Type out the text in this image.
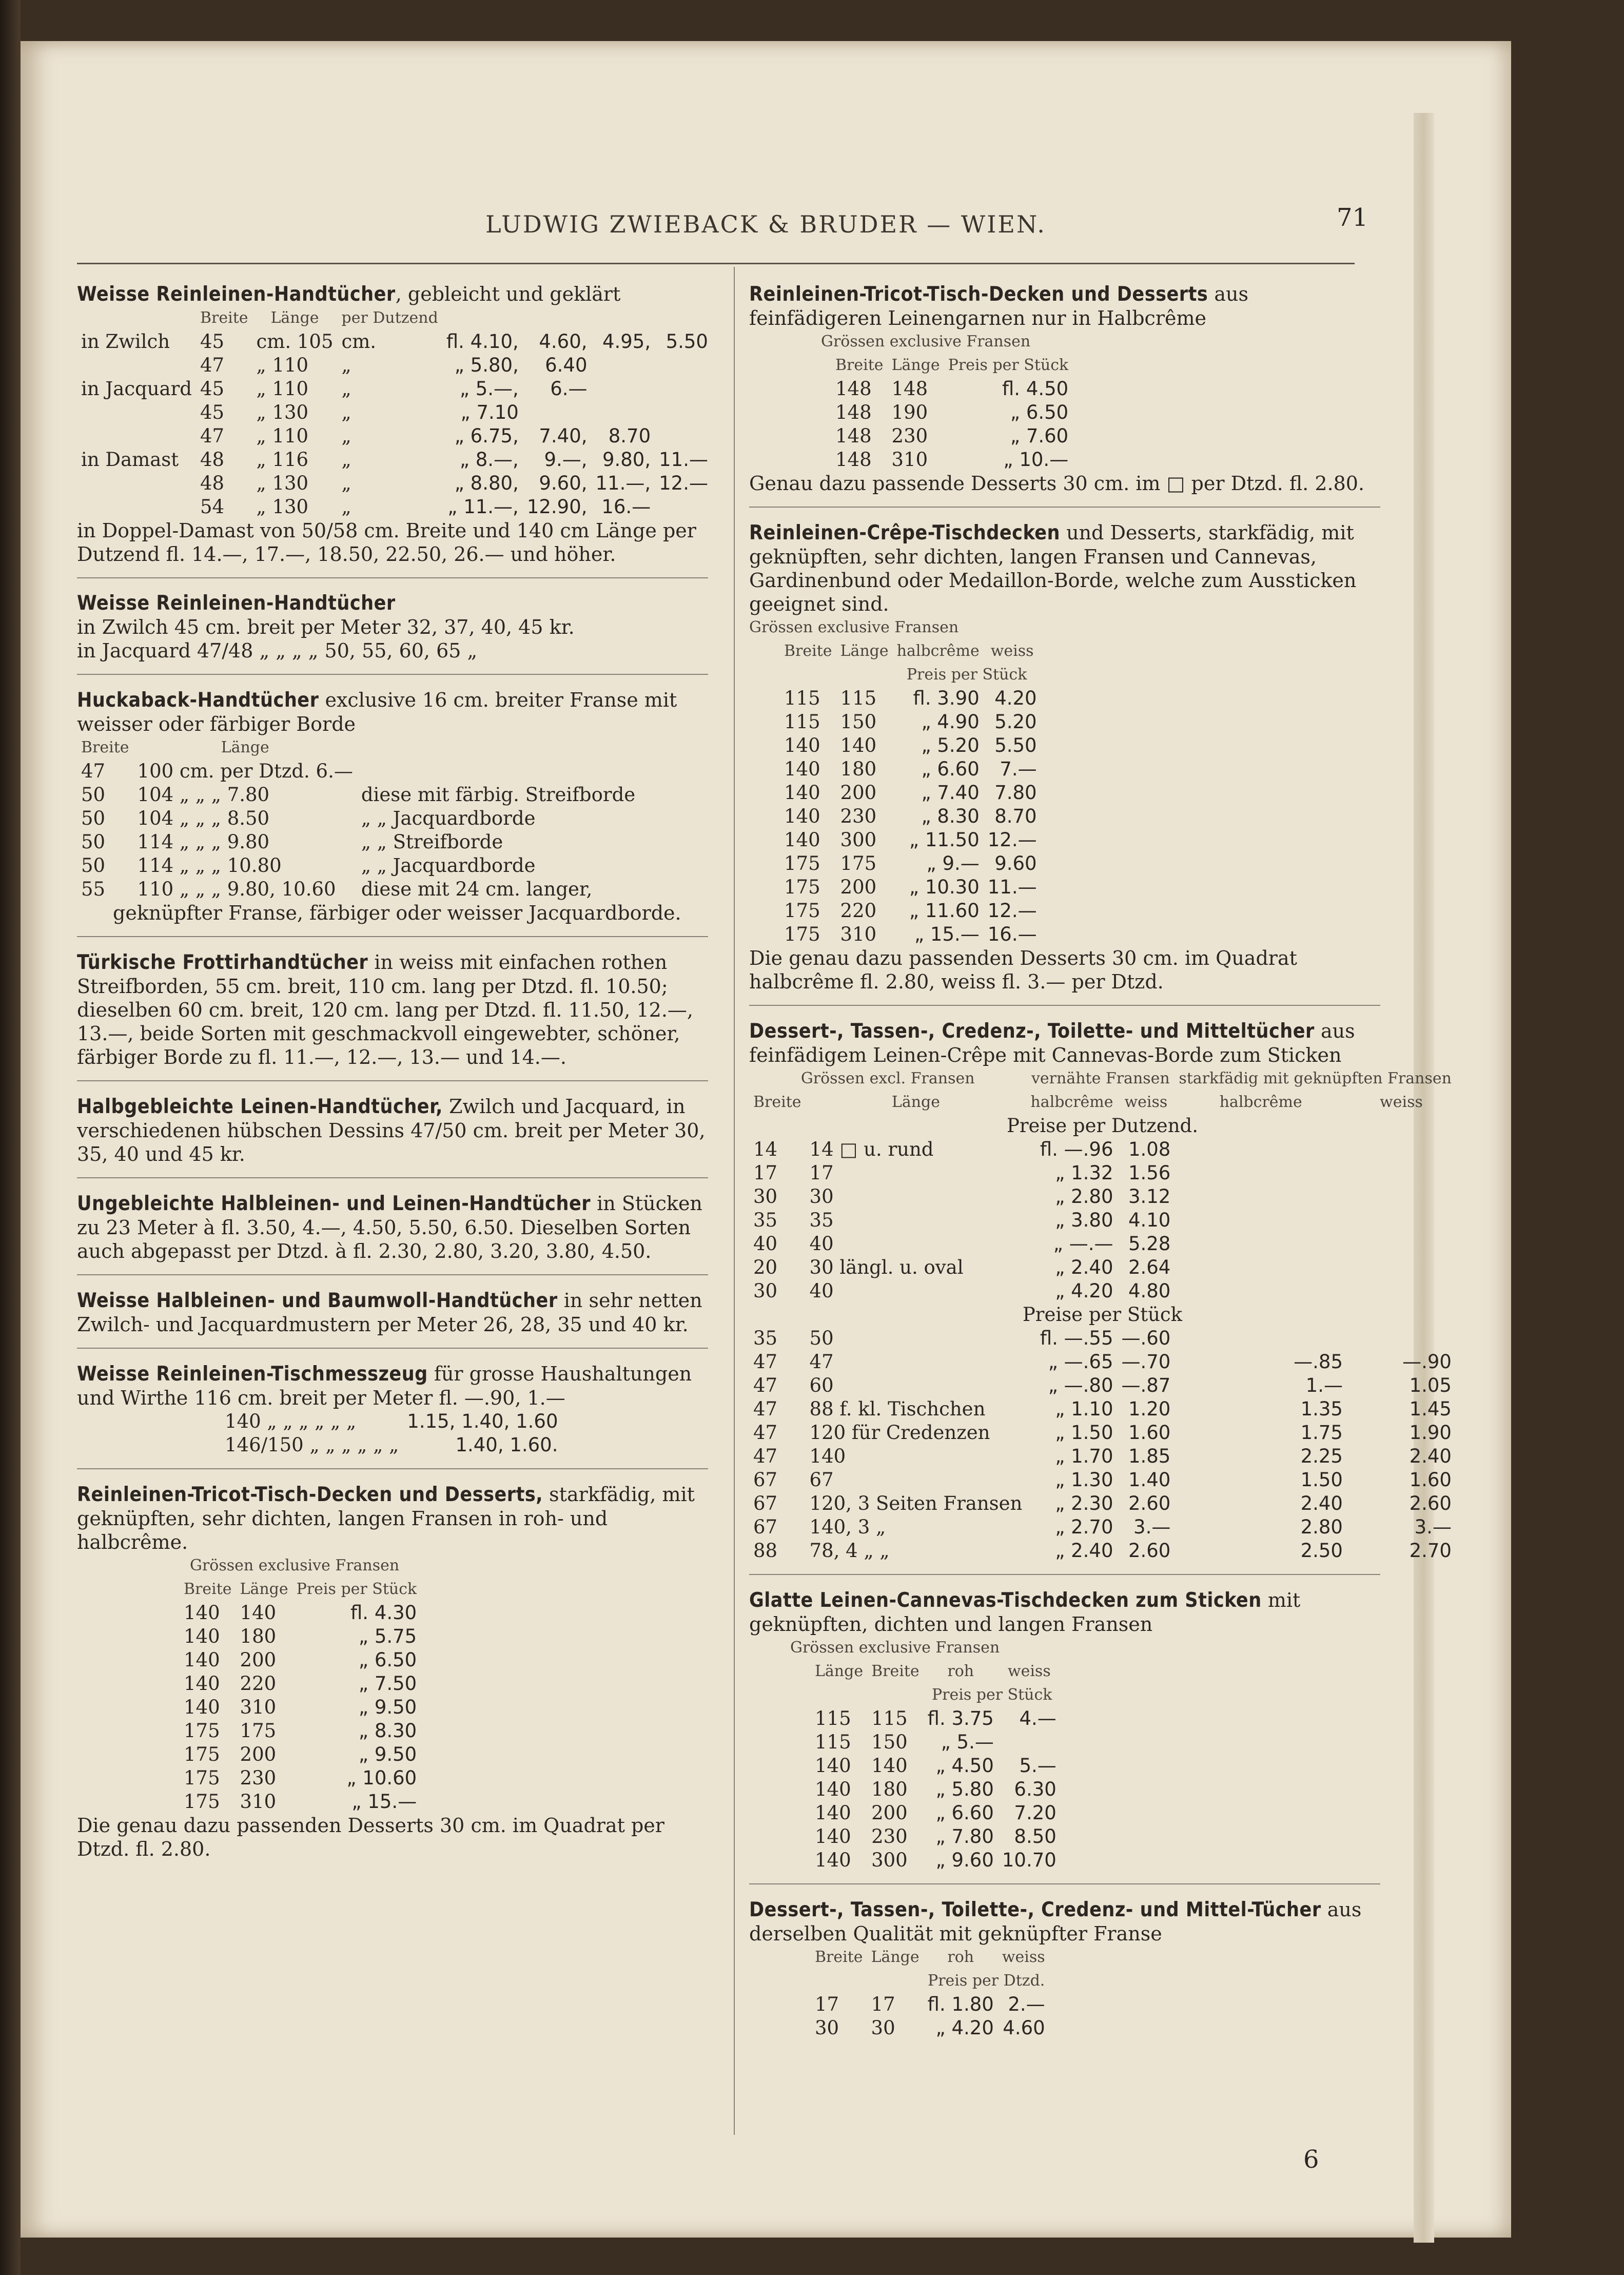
LUDWIG ZWIEBACK & BRUDER — WIEN.	71
Weisse Reinleinen-Handtücher, gebleicht und geklärt
	Breite	Länge	per Dutzend				
in Zwilch	45	cm. 105	cm.	fl. 4.10,	4.60,	4.95,	5.50
	47	„ 110	„	„ 5.80,	6.40		
in Jacquard	45	„ 110	„	„ 5.—,	6.—		
	45	„ 130	„	„ 7.10			
	47	„ 110	„	„ 6.75,	7.40,	8.70	
in Damast	48	„ 116	„	„ 8.—,	9.—,	9.80,	11.—
	48	„ 130	„	„ 8.80,	9.60,	11.—,	12.—
	54	„ 130	„	„ 11.—,	12.90,	16.—	
in Doppel-Damast von 50/58 cm. Breite und 140 cm Länge per Dutzend fl. 14.—, 17.—, 18.50, 22.50, 26.— und höher.
Weisse Reinleinen-Handtücher
in Zwilch 45 cm. breit per Meter 32, 37, 40, 45 kr.
in Jacquard 47/48 „ „ „ „ 50, 55, 60, 65 „
Huckaback-Handtücher exclusive 16 cm. breiter Franse mit weisser oder färbiger Borde
Breite	Länge	
47	100 cm. per Dtzd. 6.—	
50	104 „ „ „ 7.80	diese mit färbig. Streifborde
50	104 „ „ „ 8.50	„ „ Jacquardborde
50	114 „ „ „ 9.80	„ „ Streifborde
50	114 „ „ „ 10.80	„ „ Jacquardborde
55	110 „ „ „ 9.80, 10.60	diese mit 24 cm. langer,
geknüpfter Franse, färbiger oder weisser Jacquardborde.
Türkische Frottirhandtücher in weiss mit einfachen rothen Streifborden, 55 cm. breit, 110 cm. lang per Dtzd. fl. 10.50; dieselben 60 cm. breit, 120 cm. lang per Dtzd. fl. 11.50, 12.—, 13.—, beide Sorten mit geschmackvoll eingewebter, schöner, färbiger Borde zu fl. 11.—, 12.—, 13.— und 14.—.
Halbgebleichte Leinen-Handtücher, Zwilch und Jacquard, in verschiedenen hübschen Dessins 47/50 cm. breit per Meter 30, 35, 40 und 45 kr.
Ungebleichte Halbleinen- und Leinen-Handtücher in Stücken zu 23 Meter à fl. 3.50, 4.—, 4.50, 5.50, 6.50. Dieselben Sorten auch abgepasst per Dtzd. à fl. 2.30, 2.80, 3.20, 3.80, 4.50.
Weisse Halbleinen- und Baumwoll-Handtücher in sehr netten Zwilch- und Jacquardmustern per Meter 26, 28, 35 und 40 kr.
Weisse Reinleinen-Tischmesszeug für grosse Haushaltungen und Wirthe 116 cm. breit per Meter fl. —.90, 1.—
140 „ „ „ „ „ „	1.15, 1.40, 1.60
146/150 „ „ „ „ „ „	1.40, 1.60.
Reinleinen-Tricot-Tisch-Decken und Desserts, starkfädig, mit geknüpften, sehr dichten, langen Fransen in roh- und halbcrême.
Grössen exclusive Fransen
Breite	Länge	Preis per Stück
140	140	fl. 4.30
140	180	„ 5.75
140	200	„ 6.50
140	220	„ 7.50
140	310	„ 9.50
175	175	„ 8.30
175	200	„ 9.50
175	230	„ 10.60
175	310	„ 15.—
Die genau dazu passenden Desserts 30 cm. im Quadrat per Dtzd. fl. 2.80.
Reinleinen-Tricot-Tisch-Decken und Desserts aus feinfädigeren Leinengarnen nur in Halbcrême
Grössen exclusive Fransen
Breite	Länge	Preis per Stück
148	148	fl. 4.50
148	190	„ 6.50
148	230	„ 7.60
148	310	„ 10.—
Genau dazu passende Desserts 30 cm. im □ per Dtzd. fl. 2.80.
Reinleinen-Crêpe-Tischdecken und Desserts, starkfädig, mit geknüpften, sehr dichten, langen Fransen und Cannevas, Gardinenbund oder Medaillon-Borde, welche zum Aussticken geeignet sind.
Grössen exclusive Fransen
Breite	Länge	halbcrême	weiss
		Preis per Stück	
115	115	fl. 3.90	4.20
115	150	„ 4.90	5.20
140	140	„ 5.20	5.50
140	180	„ 6.60	7.—
140	200	„ 7.40	7.80
140	230	„ 8.30	8.70
140	300	„ 11.50	12.—
175	175	„ 9.—	9.60
175	200	„ 10.30	11.—
175	220	„ 11.60	12.—
175	310	„ 15.—	16.—
Die genau dazu passenden Desserts 30 cm. im Quadrat halbcrême fl. 2.80, weiss fl. 3.— per Dtzd.
Dessert-, Tassen-, Credenz-, Toilette- und Mitteltücher aus feinfädigem Leinen-Crêpe mit Cannevas-Borde zum Sticken
Grössen excl. Fransen		vernähte Fransen		starkfädig mit geknüpften Fransen	
Breite	Länge	halbcrême	weiss	halbcrême	weiss
Preise per Dutzend.					
14	14 □ u. rund	fl. —.96	1.08		
17	17	„ 1.32	1.56		
30	30	„ 2.80	3.12		
35	35	„ 3.80	4.10		
40	40	„ —.—	5.28		
20	30 längl. u. oval	„ 2.40	2.64		
30	40	„ 4.20	4.80		
Preise per Stück					
35	50	fl. —.55	—.60		
47	47	„ —.65	—.70	—.85	—.90
47	60	„ —.80	—.87	1.—	1.05
47	88 f. kl. Tischchen	„ 1.10	1.20	1.35	1.45
47	120 für Credenzen	„ 1.50	1.60	1.75	1.90
47	140	„ 1.70	1.85	2.25	2.40
67	67	„ 1.30	1.40	1.50	1.60
67	120, 3 Seiten Fransen	„ 2.30	2.60	2.40	2.60
67	140, 3 „	„ 2.70	3.—	2.80	3.—
88	78, 4 „ „	„ 2.40	2.60	2.50	2.70
Glatte Leinen-Cannevas-Tischdecken zum Sticken mit geknüpften, dichten und langen Fransen
Grössen exclusive Fransen
Länge	Breite	roh	weiss
		Preis per Stück	
115	115	fl. 3.75	4.—
115	150	„ 5.—	
140	140	„ 4.50	5.—
140	180	„ 5.80	6.30
140	200	„ 6.60	7.20
140	230	„ 7.80	8.50
140	300	„ 9.60	10.70
Dessert-, Tassen-, Toilette-, Credenz- und Mittel-Tücher aus derselben Qualität mit geknüpfter Franse
Breite	Länge	roh	weiss
		Preis per Dtzd.	
17	17	fl. 1.80	2.—
30	30	„ 4.20	4.60
6
